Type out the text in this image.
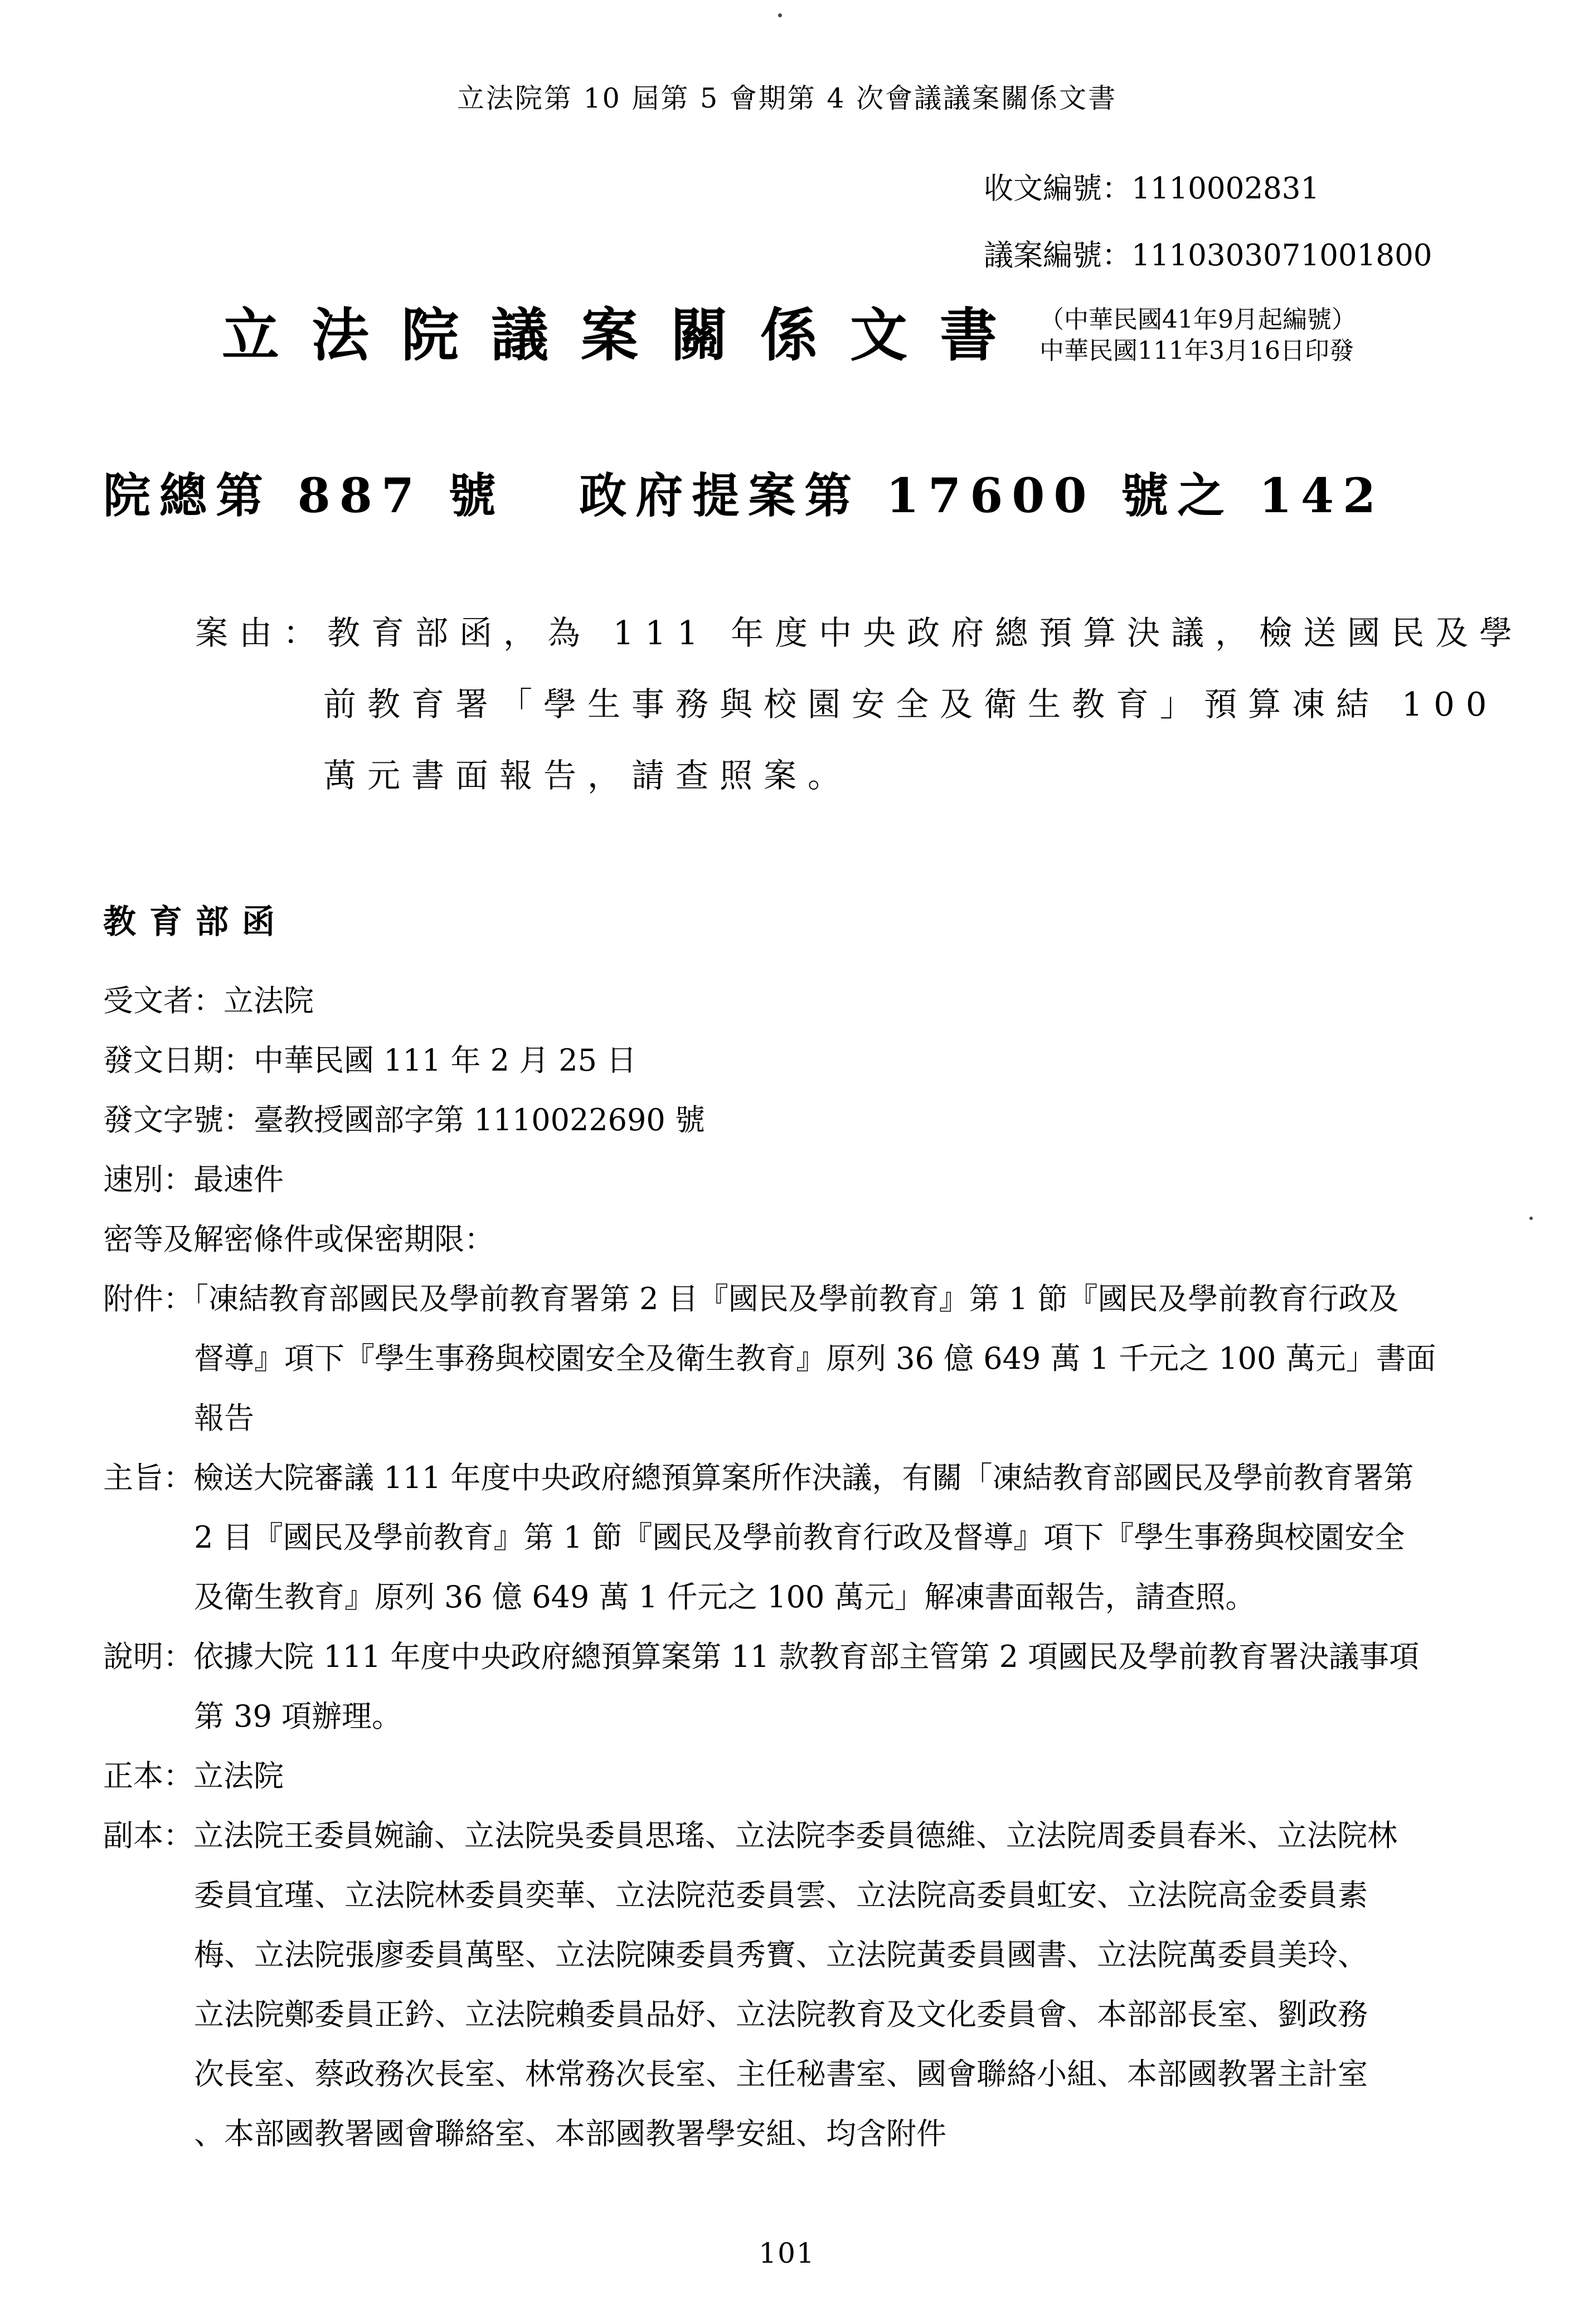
立法院第 10 屆第 5 會期第 4 次會議議案關係文書
收文編號：1110002831
議案編號：1110303071001800
立法院議案關係文書 （中華民國41年9月起編號）
中華民國111年3月16日印發
院總第 887 號 政府提案第 17600 號之 142
案由：教育部函，為 111 年度中央政府總預算決議，檢送國民及學
前教育署「學生事務與校園安全及衛生教育」預算凍結 100
萬元書面報告，請查照案。
教育部函
受文者：立法院
發文日期：中華民國 111 年 2 月 25 日
發文字號：臺教授國部字第 1110022690 號
速別：最速件
密等及解密條件或保密期限：
附件：「凍結教育部國民及學前教育署第 2 目『國民及學前教育』第 1 節『國民及學前教育行政及
督導』項下『學生事務與校園安全及衛生教育』原列 36 億 649 萬 1 千元之 100 萬元」書面
報告
主旨：檢送大院審議 111 年度中央政府總預算案所作決議，有關「凍結教育部國民及學前教育署第
2 目『國民及學前教育』第 1 節『國民及學前教育行政及督導』項下『學生事務與校園安全
及衛生教育』原列 36 億 649 萬 1 仟元之 100 萬元」解凍書面報告，請查照。
說明：依據大院 111 年度中央政府總預算案第 11 款教育部主管第 2 項國民及學前教育署決議事項
第 39 項辦理。
正本：立法院
副本：立法院王委員婉諭、立法院吳委員思瑤、立法院李委員德維、立法院周委員春米、立法院林
委員宜瑾、立法院林委員奕華、立法院范委員雲、立法院高委員虹安、立法院高金委員素
梅、立法院張廖委員萬堅、立法院陳委員秀寶、立法院黃委員國書、立法院萬委員美玲、
立法院鄭委員正鈐、立法院賴委員品妤、立法院教育及文化委員會、本部部長室、劉政務
次長室、蔡政務次長室、林常務次長室、主任秘書室、國會聯絡小組、本部國教署主計室
、本部國教署國會聯絡室、本部國教署學安組、均含附件
101
